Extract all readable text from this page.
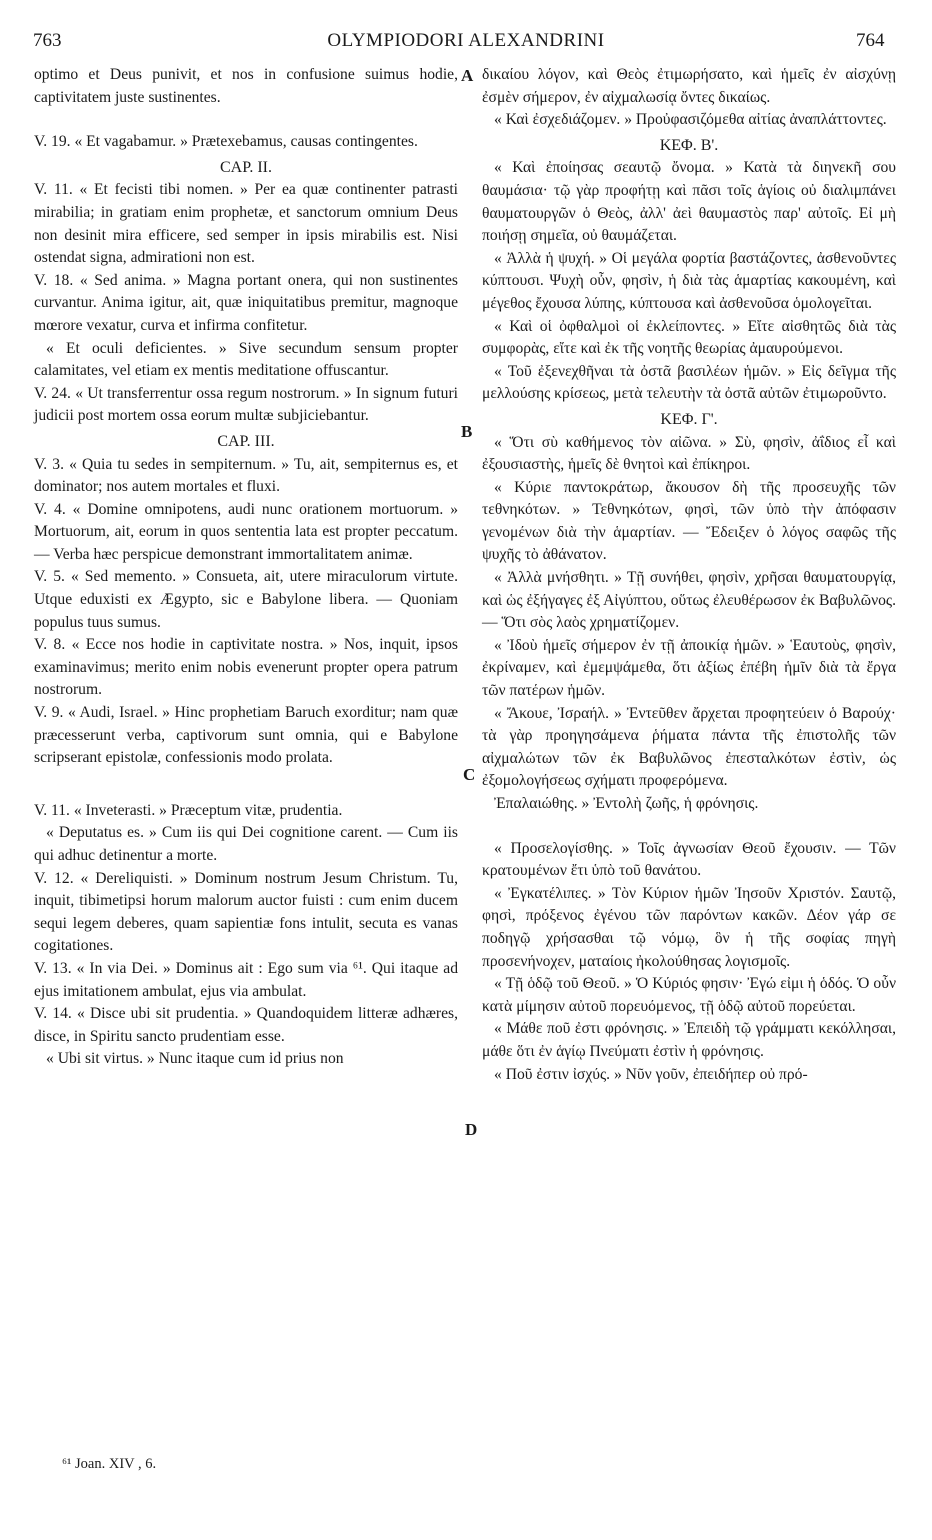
763	OLYMPIODORI ALEXANDRINI	764
A
B
C
D

optimo et Deus punivit, et nos in confusione suimus hodie, captivitatem juste sustinentes.

V. 19. « Et vagabamur. » Prætexebamus, causas contingentes.

CAP. II.

V. 11. « Et fecisti tibi nomen. » Per ea quæ continenter patrasti mirabilia; in gratiam enim prophetæ, et sanctorum omnium Deus non desinit mira efficere, sed semper in ipsis mirabilis est. Nisi ostendat signa, admirationi non est.

V. 18. « Sed anima. » Magna portant onera, qui non sustinentes curvantur. Anima igitur, ait, quæ iniquitatibus premitur, magnoque mœrore vexatur, curva et infirma confitetur.

« Et oculi deficientes. » Sive secundum sensum propter calamitates, vel etiam ex mentis meditatione offuscantur.

V. 24. « Ut transferrentur ossa regum nostrorum. » In signum futuri judicii post mortem ossa eorum multæ subjiciebantur.

CAP. III.

V. 3. « Quia tu sedes in sempiternum. » Tu, ait, sempiternus es, et dominator; nos autem mortales et fluxi.

V. 4. « Domine omnipotens, audi nunc orationem mortuorum. » Mortuorum, ait, eorum in quos sententia lata est propter peccatum. — Verba hæc perspicue demonstrant immortalitatem animæ.

V. 5. « Sed memento. » Consueta, ait, utere miraculorum virtute. Utque eduxisti ex Ægypto, sic e Babylone libera. — Quoniam populus tuus sumus.

V. 8. « Ecce nos hodie in captivitate nostra. » Nos, inquit, ipsos examinavimus; merito enim nobis evenerunt propter opera patrum nostrorum.

V. 9. « Audi, Israel. » Hinc prophetiam Baruch exorditur; nam quæ præcesserunt verba, captivorum sunt omnia, qui e Babylone scripserant epistolæ, confessionis modo prolata.

V. 11. « Inveterasti. » Præceptum vitæ, prudentia.

« Deputatus es. » Cum iis qui Dei cognitione carent. — Cum iis qui adhuc detinentur a morte.

V. 12. « Dereliquisti. » Dominum nostrum Jesum Christum. Tu, inquit, tibimetipsi horum malorum auctor fuisti : cum enim ducem sequi legem deberes, quam sapientiæ fons intulit, secuta es vanas cogitationes.

V. 13. « In via Dei. » Dominus ait : Ego sum via ⁶¹. Qui itaque ad ejus imitationem ambulat, ejus via ambulat.

V. 14. « Disce ubi sit prudentia. » Quandoquidem litteræ adhæres, disce, in Spiritu sancto prudentiam esse.

« Ubi sit virtus. » Nunc itaque cum id prius non

δικαίου λόγον, καὶ Θεὸς ἐτιμωρήσατο, καὶ ἡμεῖς ἐν αἰσχύνῃ ἐσμὲν σήμερον, ἐν αἰχμαλωσίᾳ ὄντες δικαίως.

« Καὶ ἐσχεδιάζομεν. » Προὐφασιζόμεθα αἰτίας ἀναπλάττοντες.

ΚΕΦ. Β'.

« Καὶ ἐποίησας σεαυτῷ ὄνομα. » Κατὰ τὰ διηνεκῆ σου θαυμάσια· τῷ γὰρ προφήτῃ καὶ πᾶσι τοῖς ἁγίοις οὐ διαλιμπάνει θαυματουργῶν ὁ Θεὸς, ἀλλ' ἀεὶ θαυμαστὸς παρ' αὐτοῖς. Εἰ μὴ ποιήσῃ σημεῖα, οὐ θαυμάζεται.

« Ἀλλὰ ἡ ψυχή. » Οἱ μεγάλα φορτία βαστάζοντες, ἀσθενοῦντες κύπτουσι. Ψυχὴ οὖν, φησὶν, ἡ διὰ τὰς ἁμαρτίας κακουμένη, καὶ μέγεθος ἔχουσα λύπης, κύπτουσα καὶ ἀσθενοῦσα ὁμολογεῖται.

« Καὶ οἱ ὀφθαλμοὶ οἱ ἐκλείποντες. » Εἴτε αἰσθητῶς διὰ τὰς συμφορὰς, εἴτε καὶ ἐκ τῆς νοητῆς θεωρίας ἀμαυρούμενοι.

« Τοῦ ἐξενεχθῆναι τὰ ὀστᾶ βασιλέων ἡμῶν. » Εἰς δεῖγμα τῆς μελλούσης κρίσεως, μετὰ τελευτὴν τὰ ὀστᾶ αὐτῶν ἐτιμωροῦντο.

ΚΕΦ. Γ'.

« Ὅτι σὺ καθήμενος τὸν αἰῶνα. » Σὺ, φησὶν, ἀΐδιος εἶ καὶ ἐξουσιαστὴς, ἡμεῖς δὲ θνητοὶ καὶ ἐπίκηροι.

« Κύριε παντοκράτωρ, ἄκουσον δὴ τῆς προσευχῆς τῶν τεθνηκότων. » Τεθνηκότων, φησὶ, τῶν ὑπὸ τὴν ἀπόφασιν γενομένων διὰ τὴν ἁμαρτίαν. — Ἔδειξεν ὁ λόγος σαφῶς τῆς ψυχῆς τὸ ἀθάνατον.

« Ἀλλὰ μνήσθητι. » Τῇ συνήθει, φησὶν, χρῆσαι θαυματουργίᾳ, καὶ ὡς ἐξήγαγες ἐξ Αἰγύπτου, οὕτως ἐλευθέρωσον ἐκ Βαβυλῶνος. — Ὅτι σὸς λαὸς χρηματίζομεν.

« Ἰδοὺ ἡμεῖς σήμερον ἐν τῇ ἀποικίᾳ ἡμῶν. » Ἑαυτοὺς, φησὶν, ἐκρίναμεν, καὶ ἐμεμψάμεθα, ὅτι ἀξίως ἐπέβη ἡμῖν διὰ τὰ ἔργα τῶν πατέρων ἡμῶν.

« Ἄκουε, Ἰσραήλ. » Ἐντεῦθεν ἄρχεται προφητεύειν ὁ Βαρούχ· τὰ γὰρ προηγησάμενα ῥήματα πάντα τῆς ἐπιστολῆς τῶν αἰχμαλώτων τῶν ἐκ Βαβυλῶνος ἐπεσταλκότων ἐστὶν, ὡς ἐξομολογήσεως σχήματι προφερόμενα.

Ἐπαλαιώθης. » Ἐντολὴ ζωῆς, ἡ φρόνησις.

« Προσελογίσθης. » Τοῖς ἀγνωσίαν Θεοῦ ἔχουσιν. — Τῶν κρατουμένων ἔτι ὑπὸ τοῦ θανάτου.

« Ἐγκατέλιπες. » Τὸν Κύριον ἡμῶν Ἰησοῦν Χριστόν. Σαυτῷ, φησὶ, πρόξενος ἐγένου τῶν παρόντων κακῶν. Δέον γάρ σε ποδηγῷ χρήσασθαι τῷ νόμῳ, ὃν ἡ τῆς σοφίας πηγὴ προσενήνοχεν, ματαίοις ἠκολούθησας λογισμοῖς.

« Τῇ ὁδῷ τοῦ Θεοῦ. » Ὁ Κύριός φησιν· Ἐγώ εἰμι ἡ ὁδός. Ὁ οὖν κατὰ μίμησιν αὐτοῦ πορευόμενος, τῇ ὁδῷ αὐτοῦ πορεύεται.

« Μάθε ποῦ ἐστι φρόνησις. » Ἐπειδὴ τῷ γράμματι κεκόλλησαι, μάθε ὅτι ἐν ἁγίῳ Πνεύματι ἐστὶν ἡ φρόνησις.

« Ποῦ ἐστιν ἰσχύς. » Νῦν γοῦν, ἐπειδήπερ οὐ πρό-

⁶¹ Joan. XIV , 6.
